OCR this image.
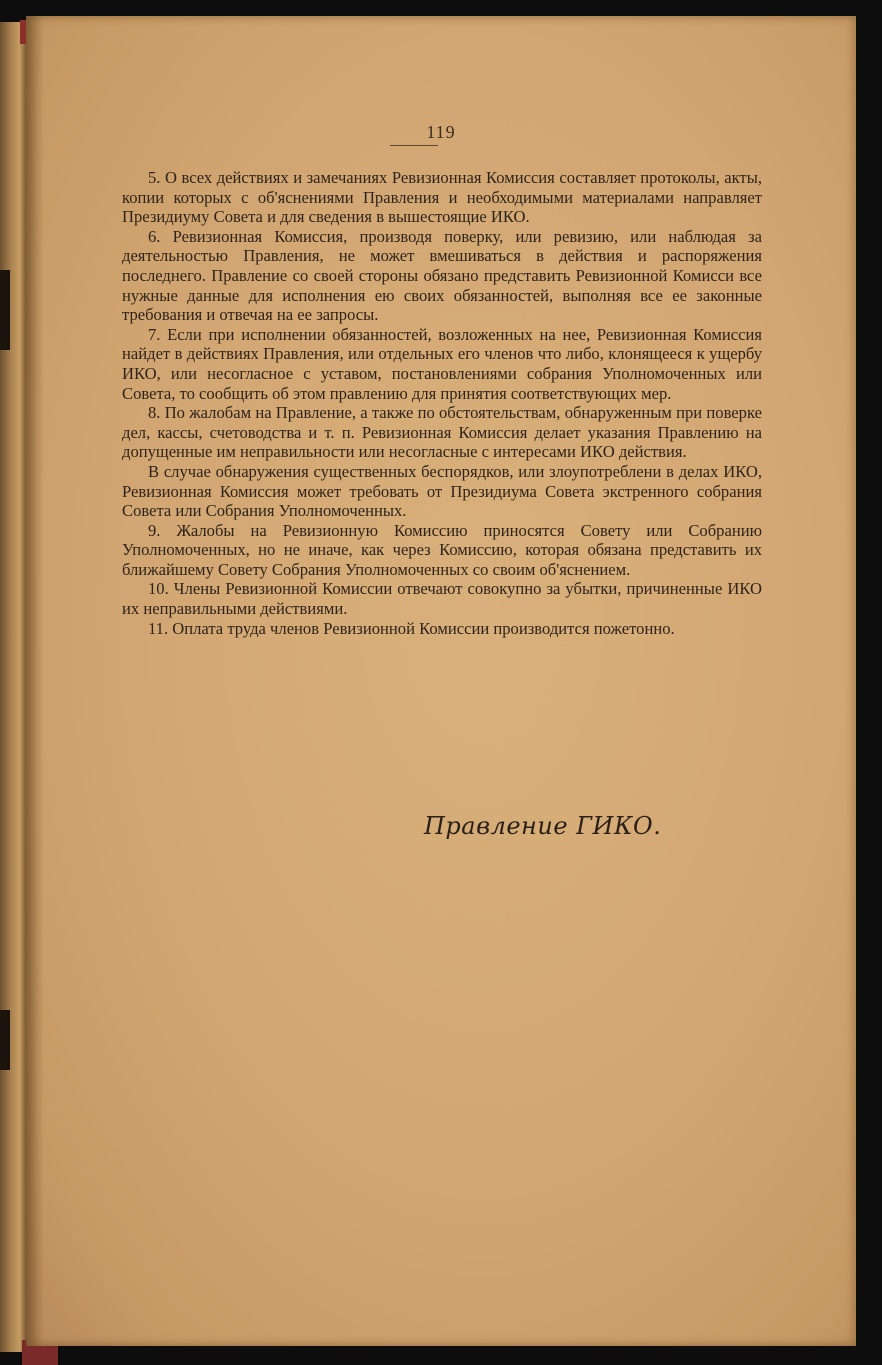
119

5. О всех действиях и замечаниях Ревизионная Комиссия составляет протоколы, акты, копии которых с об'яснениями Правления и необходимыми материалами направляет Президиуму Совета и для сведения в вышестоящие ИКО.

6. Ревизионная Комиссия, производя поверку, или ревизию, или наблюдая за деятельностью Правления, не может вмешиваться в действия и распоряжения последнего. Правление со своей стороны обязано представить Ревизионной Комисси все нужные данные для исполнения ею своих обязанностей, выполняя все ее законные требования и отвечая на ее запросы.

7. Если при исполнении обязанностей, возложенных на нее, Ревизионная Комиссия найдет в действиях Правления, или отдельных его членов что либо, клонящееся к ущербу ИКО, или несогласное с уставом, постановлениями собрания Уполномоченных или Совета, то сообщить об этом правлению для принятия соответствующих мер.

8. По жалобам на Правление, а также по обстоятельствам, обнаруженным при поверке дел, кассы, счетоводства и т. п. Ревизионная Комиссия делает указания Правлению на допущенные им неправильности или несогласные с интересами ИКО действия.

В случае обнаружения существенных беспорядков, или злоупотреблени в делах ИКО, Ревизионная Комиссия может требовать от Президиума Совета экстренного собрания Совета или Собрания Уполномоченных.

9. Жалобы на Ревизионную Комиссию приносятся Совету или Собранию Уполномоченных, но не иначе, как через Комиссию, которая обязана представить их ближайшему Совету Собрания Уполномоченных со своим об'яснением.

10. Члены Ревизионной Комиссии отвечают совокупно за убытки, причиненные ИКО их неправильными действиями.

11. Оплата труда членов Ревизионной Комиссии производится пожетонно.

Правление ГИКО.
